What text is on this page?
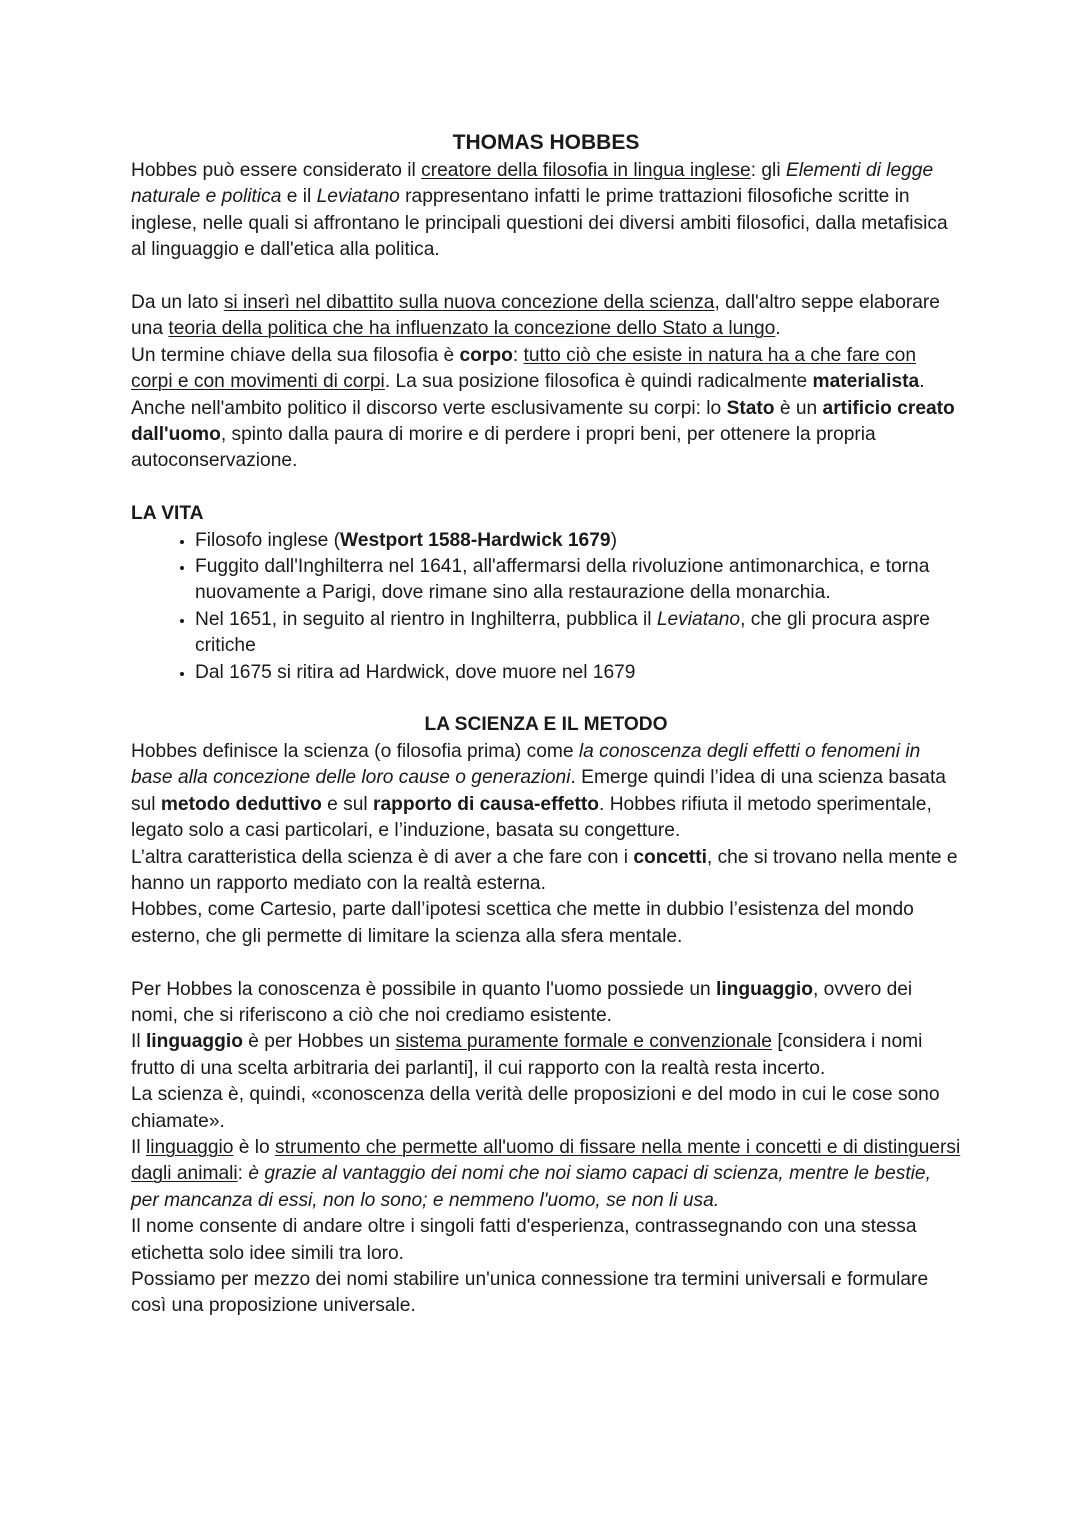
THOMAS HOBBES

Hobbes può essere considerato il creatore della filosofia in lingua inglese: gli Elementi di legge naturale e politica e il Leviatano rappresentano infatti le prime trattazioni filosofiche scritte in inglese, nelle quali si affrontano le principali questioni dei diversi ambiti filosofici, dalla metafisica al linguaggio e dall'etica alla politica.

Da un lato si inserì nel dibattito sulla nuova concezione della scienza, dall'altro seppe elaborare una teoria della politica che ha influenzato la concezione dello Stato a lungo.

Un termine chiave della sua filosofia è corpo: tutto ciò che esiste in natura ha a che fare con corpi e con movimenti di corpi. La sua posizione filosofica è quindi radicalmente materialista.

Anche nell'ambito politico il discorso verte esclusivamente su corpi: lo Stato è un artificio creato dall'uomo, spinto dalla paura di morire e di perdere i propri beni, per ottenere la propria autoconservazione.

LA VITA

• Filosofo inglese (Westport 1588-Hardwick 1679)
• Fuggito dall'Inghilterra nel 1641, all'affermarsi della rivoluzione antimonarchica, e torna nuovamente a Parigi, dove rimane sino alla restaurazione della monarchia.
• Nel 1651, in seguito al rientro in Inghilterra, pubblica il Leviatano, che gli procura aspre critiche
• Dal 1675 si ritira ad Hardwick, dove muore nel 1679

LA SCIENZA E IL METODO

Hobbes definisce la scienza (o filosofia prima) come la conoscenza degli effetti o fenomeni in base alla concezione delle loro cause o generazioni. Emerge quindi l’idea di una scienza basata sul metodo deduttivo e sul rapporto di causa-effetto. Hobbes rifiuta il metodo sperimentale, legato solo a casi particolari, e l’induzione, basata su congetture.

L’altra caratteristica della scienza è di aver a che fare con i concetti, che si trovano nella mente e hanno un rapporto mediato con la realtà esterna.

Hobbes, come Cartesio, parte dall’ipotesi scettica che mette in dubbio l’esistenza del mondo esterno, che gli permette di limitare la scienza alla sfera mentale.

Per Hobbes la conoscenza è possibile in quanto l'uomo possiede un linguaggio, ovvero dei nomi, che si riferiscono a ciò che noi crediamo esistente.

Il linguaggio è per Hobbes un sistema puramente formale e convenzionale [considera i nomi frutto di una scelta arbitraria dei parlanti], il cui rapporto con la realtà resta incerto.

La scienza è, quindi, «conoscenza della verità delle proposizioni e del modo in cui le cose sono chiamate».

Il linguaggio è lo strumento che permette all'uomo di fissare nella mente i concetti e di distinguersi dagli animali: è grazie al vantaggio dei nomi che noi siamo capaci di scienza, mentre le bestie, per mancanza di essi, non lo sono; e nemmeno l'uomo, se non li usa.

Il nome consente di andare oltre i singoli fatti d'esperienza, contrassegnando con una stessa etichetta solo idee simili tra loro.

Possiamo per mezzo dei nomi stabilire un'unica connessione tra termini universali e formulare così una proposizione universale.
